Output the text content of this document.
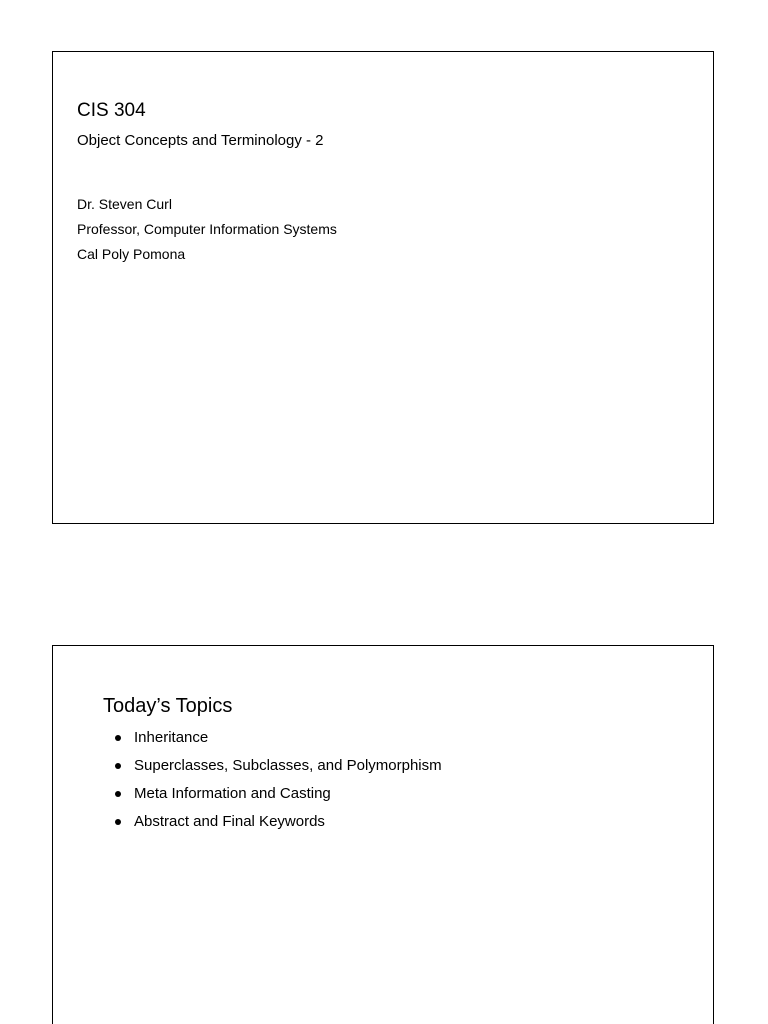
CIS 304
Object Concepts and Terminology - 2
Dr. Steven Curl
Professor, Computer Information Systems
Cal Poly Pomona
Today’s Topics
Inheritance
Superclasses, Subclasses, and Polymorphism
Meta Information and Casting
Abstract and Final Keywords
